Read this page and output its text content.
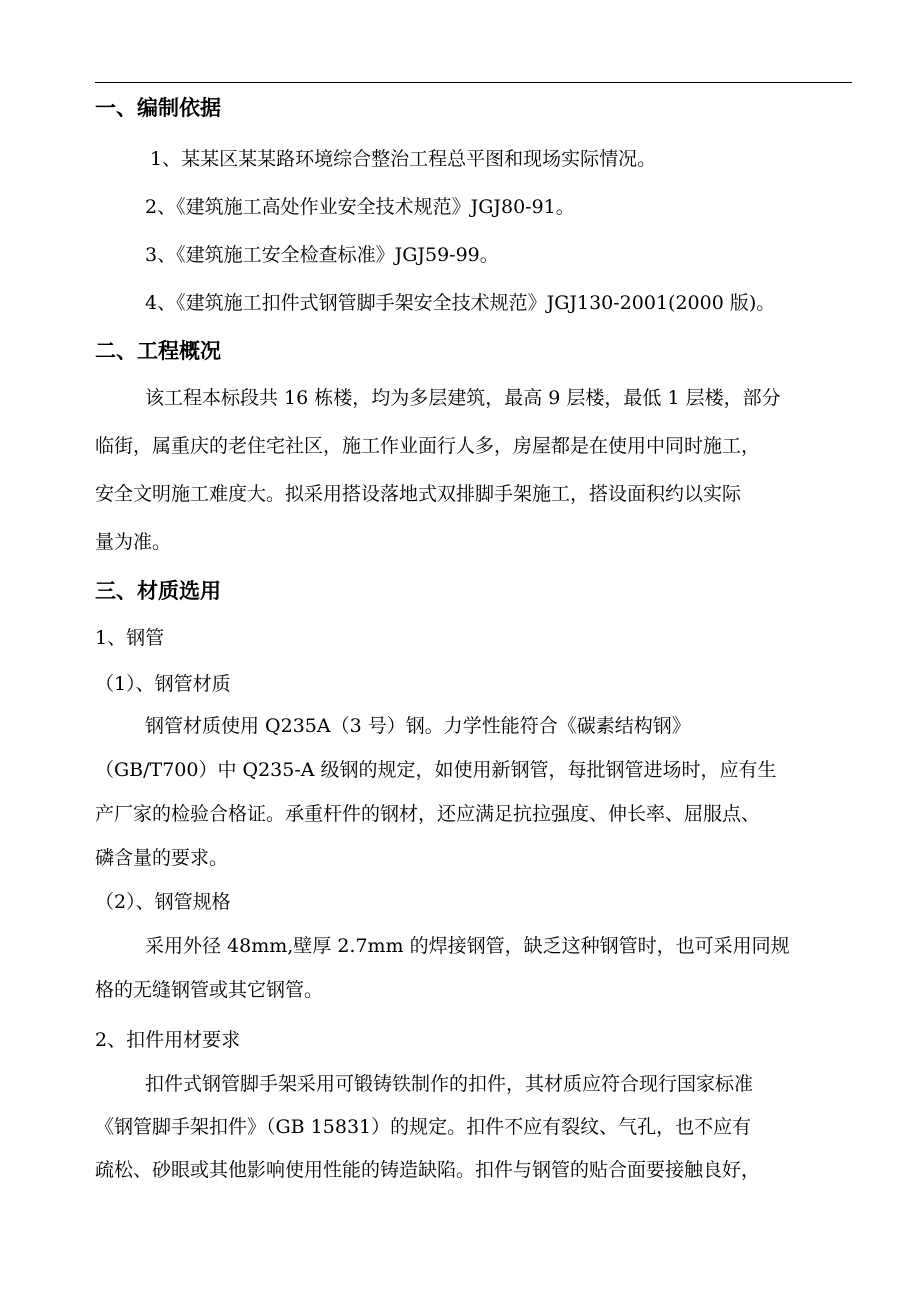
一、编制依据
1、某某区某某路环境综合整治工程总平图和现场实际情况。
2、《建筑施工高处作业安全技术规范》JGJ80-91。
3、《建筑施工安全检查标准》JGJ59-99。
4、《建筑施工扣件式钢管脚手架安全技术规范》JGJ130-2001(2000 版)。
二、工程概况
该工程本标段共 16 栋楼，均为多层建筑，最高 9 层楼，最低 1 层楼，部分
临街，属重庆的老住宅社区，施工作业面行人多，房屋都是在使用中同时施工，
安全文明施工难度大。拟采用搭设落地式双排脚手架施工，搭设面积约以实际
量为准。
三、材质选用
1、钢管
（1）、钢管材质
钢管材质使用 Q235A（3 号）钢。力学性能符合《碳素结构钢》
（GB/T700）中 Q235-A 级钢的规定，如使用新钢管，每批钢管进场时，应有生
产厂家的检验合格证。承重杆件的钢材，还应满足抗拉强度、伸长率、屈服点、
磷含量的要求。
（2）、钢管规格
采用外径 48mm,壁厚 2.7mm 的焊接钢管，缺乏这种钢管时，也可采用同规
格的无缝钢管或其它钢管。
2、扣件用材要求
扣件式钢管脚手架采用可锻铸铁制作的扣件，其材质应符合现行国家标准
《钢管脚手架扣件》（GB 15831）的规定。扣件不应有裂纹、气孔，也不应有
疏松、砂眼或其他影响使用性能的铸造缺陷。扣件与钢管的贴合面要接触良好，
